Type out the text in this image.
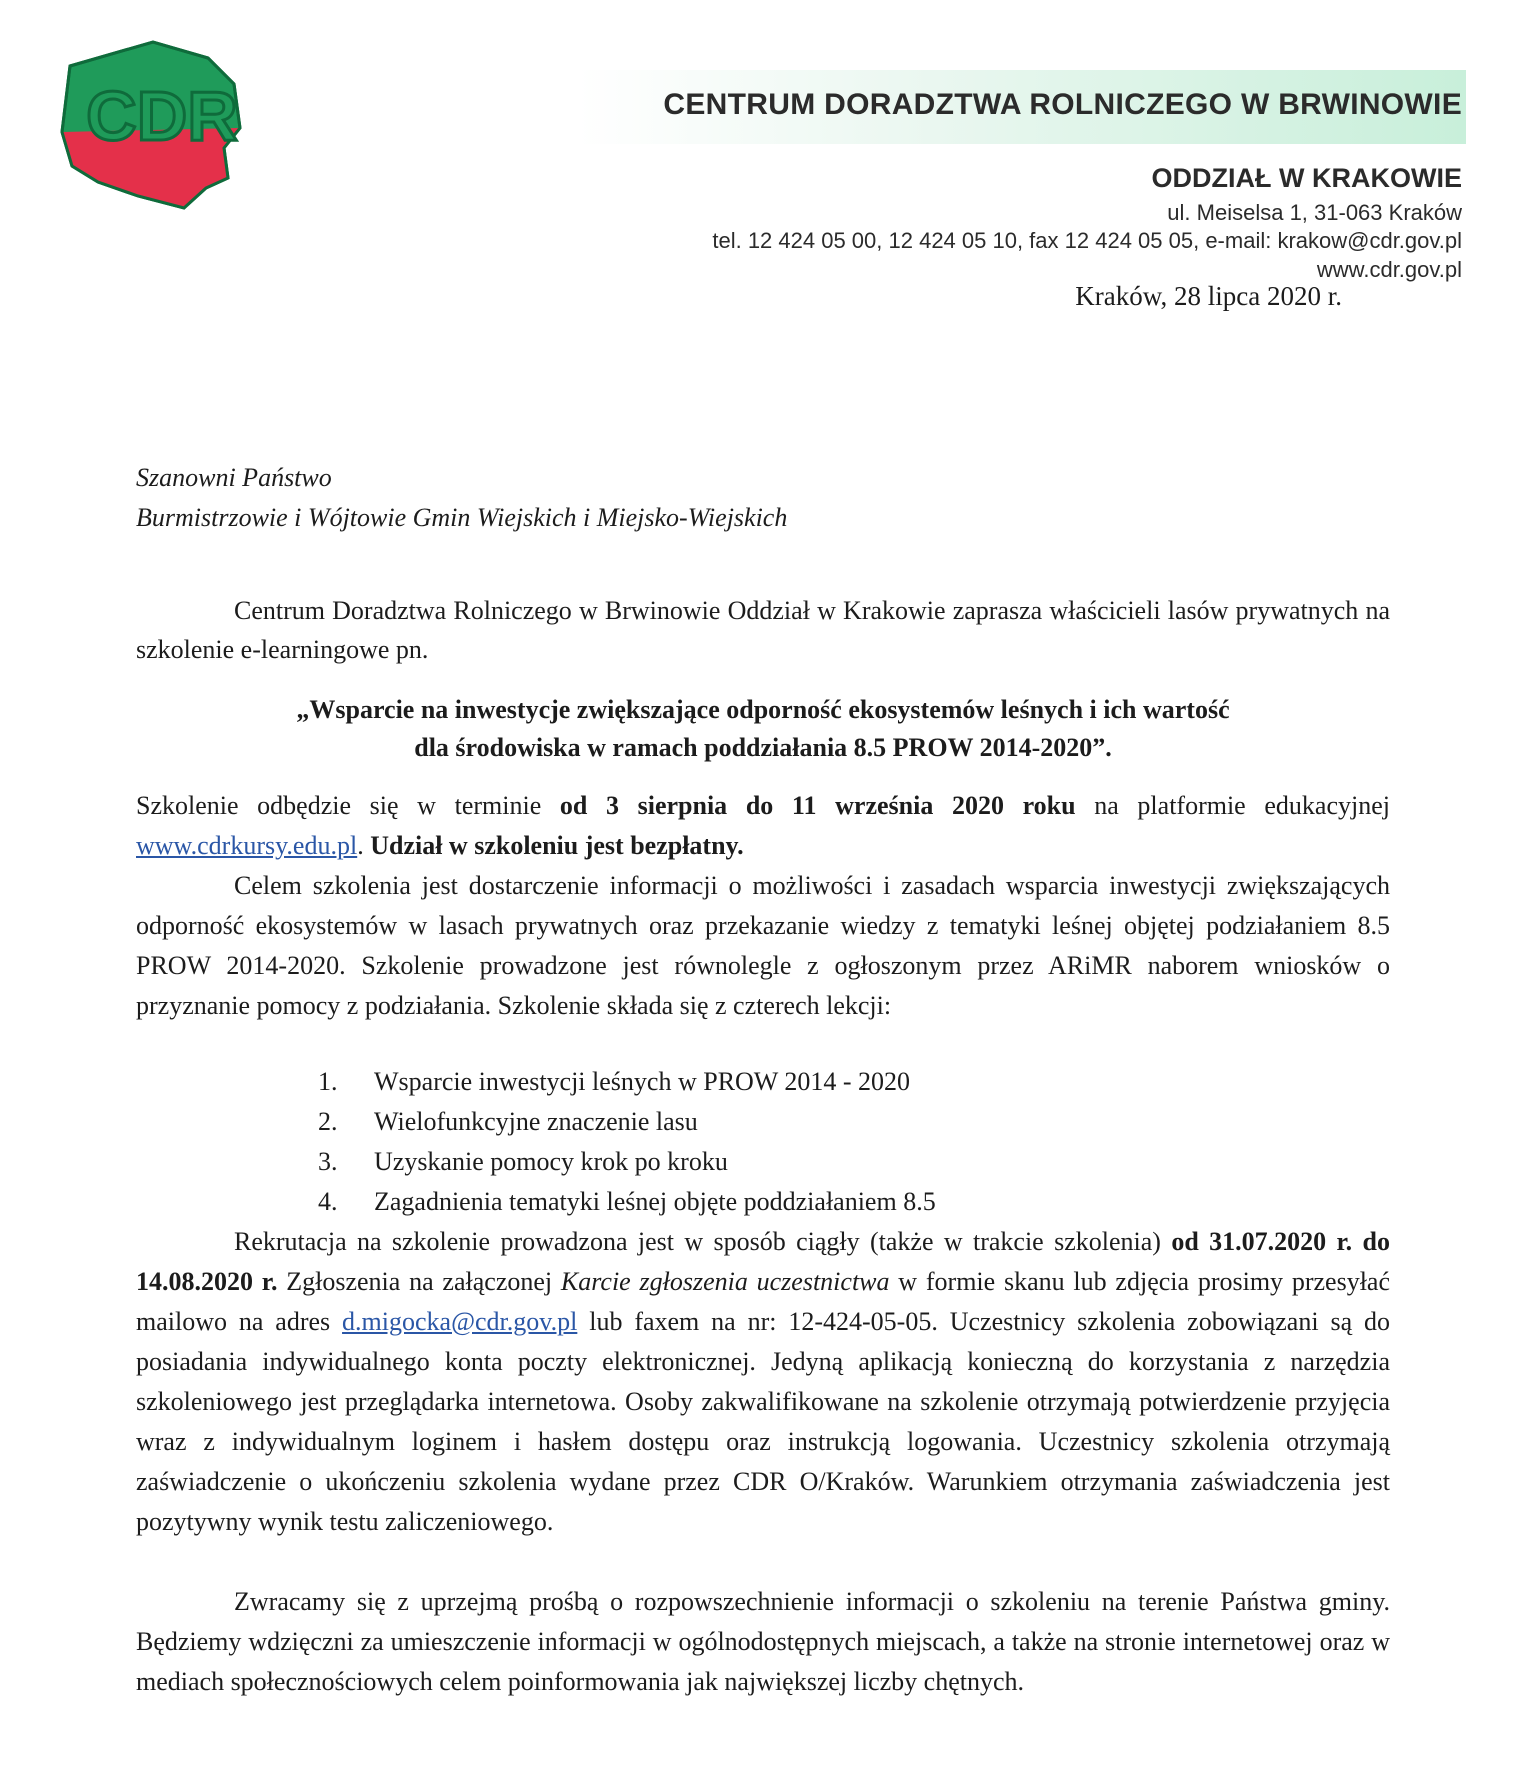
CDR	CENTRUM DORADZTWA ROLNICZEGO W BRWINOWIE
ODDZIAŁ W KRAKOWIE
ul. Meiselsa 1, 31-063 Kraków
tel. 12 424 05 00, 12 424 05 10, fax 12 424 05 05, e-mail: krakow@cdr.gov.pl
www.cdr.gov.pl
Kraków, 28 lipca 2020 r.
Szanowni Państwo
Burmistrzowie i Wójtowie Gmin Wiejskich i Miejsko-Wiejskich

Centrum Doradztwa Rolniczego w Brwinowie Oddział w Krakowie zaprasza właścicieli lasów prywatnych na szkolenie e-learningowe pn.

„Wsparcie na inwestycje zwiększające odporność ekosystemów leśnych i ich wartość
dla środowiska w ramach poddziałania 8.5 PROW 2014-2020”.

Szkolenie odbędzie się w terminie od 3 sierpnia do 11 września 2020 roku na platformie edukacyjnej www.cdrkursy.edu.pl. Udział w szkoleniu jest bezpłatny.

Celem szkolenia jest dostarczenie informacji o możliwości i zasadach wsparcia inwestycji zwiększających odporność ekosystemów w lasach prywatnych oraz przekazanie wiedzy z tematyki leśnej objętej podziałaniem 8.5 PROW 2014-2020. Szkolenie prowadzone jest równolegle z ogłoszonym przez ARiMR naborem wniosków o przyznanie pomocy z podziałania. Szkolenie składa się z czterech lekcji:

1. Wsparcie inwestycji leśnych w PROW 2014 - 2020
2. Wielofunkcyjne znaczenie lasu
3. Uzyskanie pomocy krok po kroku
4. Zagadnienia tematyki leśnej objęte poddziałaniem 8.5

Rekrutacja na szkolenie prowadzona jest w sposób ciągły (także w trakcie szkolenia) od 31.07.2020 r. do 14.08.2020 r. Zgłoszenia na załączonej Karcie zgłoszenia uczestnictwa w formie skanu lub zdjęcia prosimy przesyłać mailowo na adres d.migocka@cdr.gov.pl lub faxem na nr: 12-424-05-05. Uczestnicy szkolenia zobowiązani są do posiadania indywidualnego konta poczty elektronicznej. Jedyną aplikacją konieczną do korzystania z narzędzia szkoleniowego jest przeglądarka internetowa. Osoby zakwalifikowane na szkolenie otrzymają potwierdzenie przyjęcia wraz z indywidualnym loginem i hasłem dostępu oraz instrukcją logowania. Uczestnicy szkolenia otrzymają zaświadczenie o ukończeniu szkolenia wydane przez CDR O/Kraków. Warunkiem otrzymania zaświadczenia jest pozytywny wynik testu zaliczeniowego.

Zwracamy się z uprzejmą prośbą o rozpowszechnienie informacji o szkoleniu na terenie Państwa gminy. Będziemy wdzięczni za umieszczenie informacji w ogólnodostępnych miejscach, a także na stronie internetowej oraz w mediach społecznościowych celem poinformowania jak największej liczby chętnych.
